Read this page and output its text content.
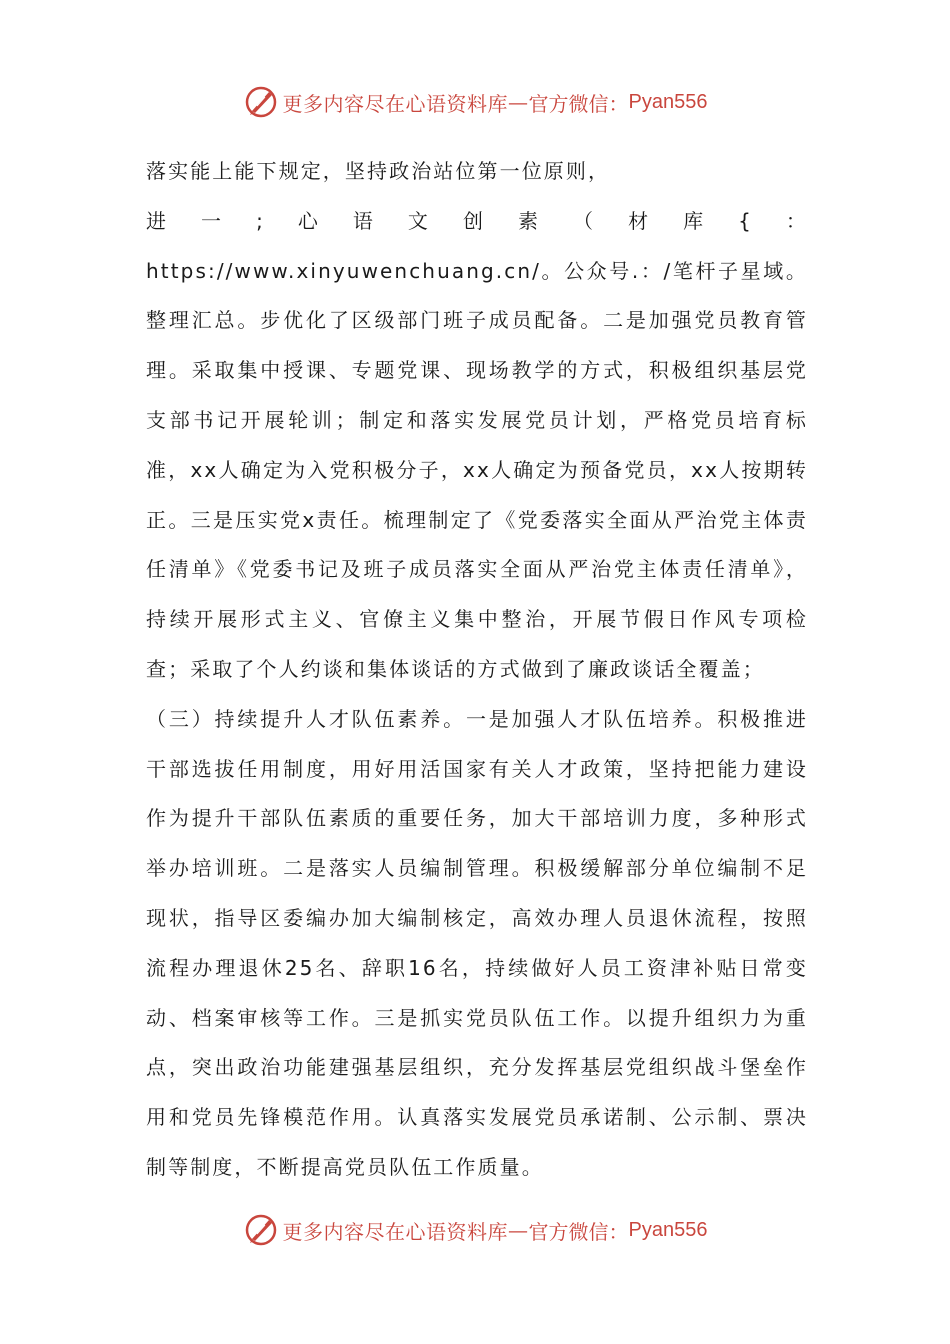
更多内容尽在心语资料库 — 官方微信： Pyan556

落实能上能下规定，坚持政治站位第一位原则，

进一;心语文创素（材库{：https://www.xinyuwenchuang.cn/。公众号.：/笔杆子星域。整理汇总。步优化了区级部门班子成员配备。二是加强党员教育管理。采取集中授课、专题党课、现场教学的方式，积极组织基层党支部书记开展轮训；制定和落实发展党员计划，严格党员培育标准，xx人确定为入党积极分子，xx人确定为预备党员，xx人按期转正。三是压实党x责任。梳理制定了《党委落实全面从严治党主体责任清单》《党委书记及班子成员落实全面从严治党主体责任清单》，持续开展形式主义、官僚主义集中整治，开展节假日作风专项检查；采取了个人约谈和集体谈话的方式做到了廉政谈话全覆盖；

（三）持续提升人才队伍素养。一是加强人才队伍培养。积极推进干部选拔任用制度，用好用活国家有关人才政策，坚持把能力建设作为提升干部队伍素质的重要任务，加大干部培训力度，多种形式举办培训班。二是落实人员编制管理。积极缓解部分单位编制不足现状，指导区委编办加大编制核定，高效办理人员退休流程，按照流程办理退休25名、辞职16名，持续做好人员工资津补贴日常变动、档案审核等工作。三是抓实党员队伍工作。以提升组织力为重点，突出政治功能建强基层组织，充分发挥基层党组织战斗堡垒作用和党员先锋模范作用。认真落实发展党员承诺制、公示制、票决制等制度，不断提高党员队伍工作质量。

更多内容尽在心语资料库 — 官方微信： Pyan556
